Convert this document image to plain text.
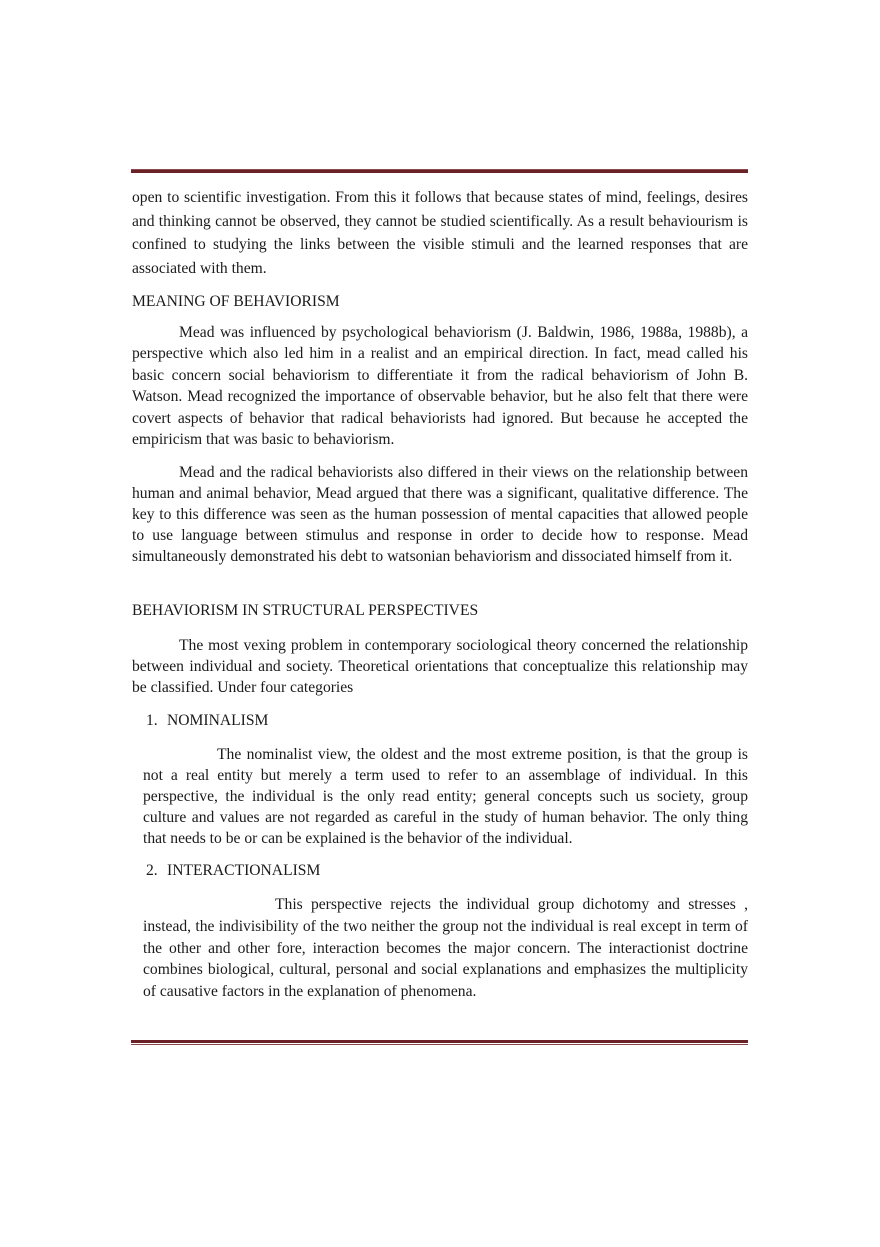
open to scientific investigation. From this it follows that because states of mind, feelings, desires and thinking cannot be observed, they cannot be studied scientifically. As a result behaviourism is confined to studying the links between the visible stimuli and the learned responses that are associated with them.
MEANING OF BEHAVIORISM
Mead was influenced by psychological behaviorism (J. Baldwin, 1986, 1988a, 1988b), a perspective which also led him in a realist and an empirical direction. In fact, mead called his basic concern social behaviorism to differentiate it from the radical behaviorism of John B. Watson. Mead recognized the importance of observable behavior, but he also felt that there were covert aspects of behavior that radical behaviorists had ignored. But because he accepted the empiricism that was basic to behaviorism.
Mead and the radical behaviorists also differed in their views on the relationship between human and animal behavior, Mead argued that there was a significant, qualitative difference. The key to this difference was seen as the human possession of mental capacities that allowed people to use language between stimulus and response in order to decide how to response. Mead simultaneously demonstrated his debt to watsonian behaviorism and dissociated himself from it.
BEHAVIORISM IN STRUCTURAL PERSPECTIVES
The most vexing problem in contemporary sociological theory concerned the relationship between individual and society. Theoretical orientations that conceptualize this relationship may be classified. Under four categories
1. NOMINALISM
The nominalist view, the oldest and the most extreme position, is that the group is not a real entity but merely a term used to refer to an assemblage of individual. In this perspective, the individual is the only read entity; general concepts such us society, group culture and values are not regarded as careful in the study of human behavior. The only thing that needs to be or can be explained is the behavior of the individual.
2. INTERACTIONALISM
This perspective rejects the individual group dichotomy and stresses , instead, the indivisibility of the two neither the group not the individual is real except in term of the other and other fore, interaction becomes the major concern. The interactionist doctrine combines biological, cultural, personal and social explanations and emphasizes the multiplicity of causative factors in the explanation of phenomena.
